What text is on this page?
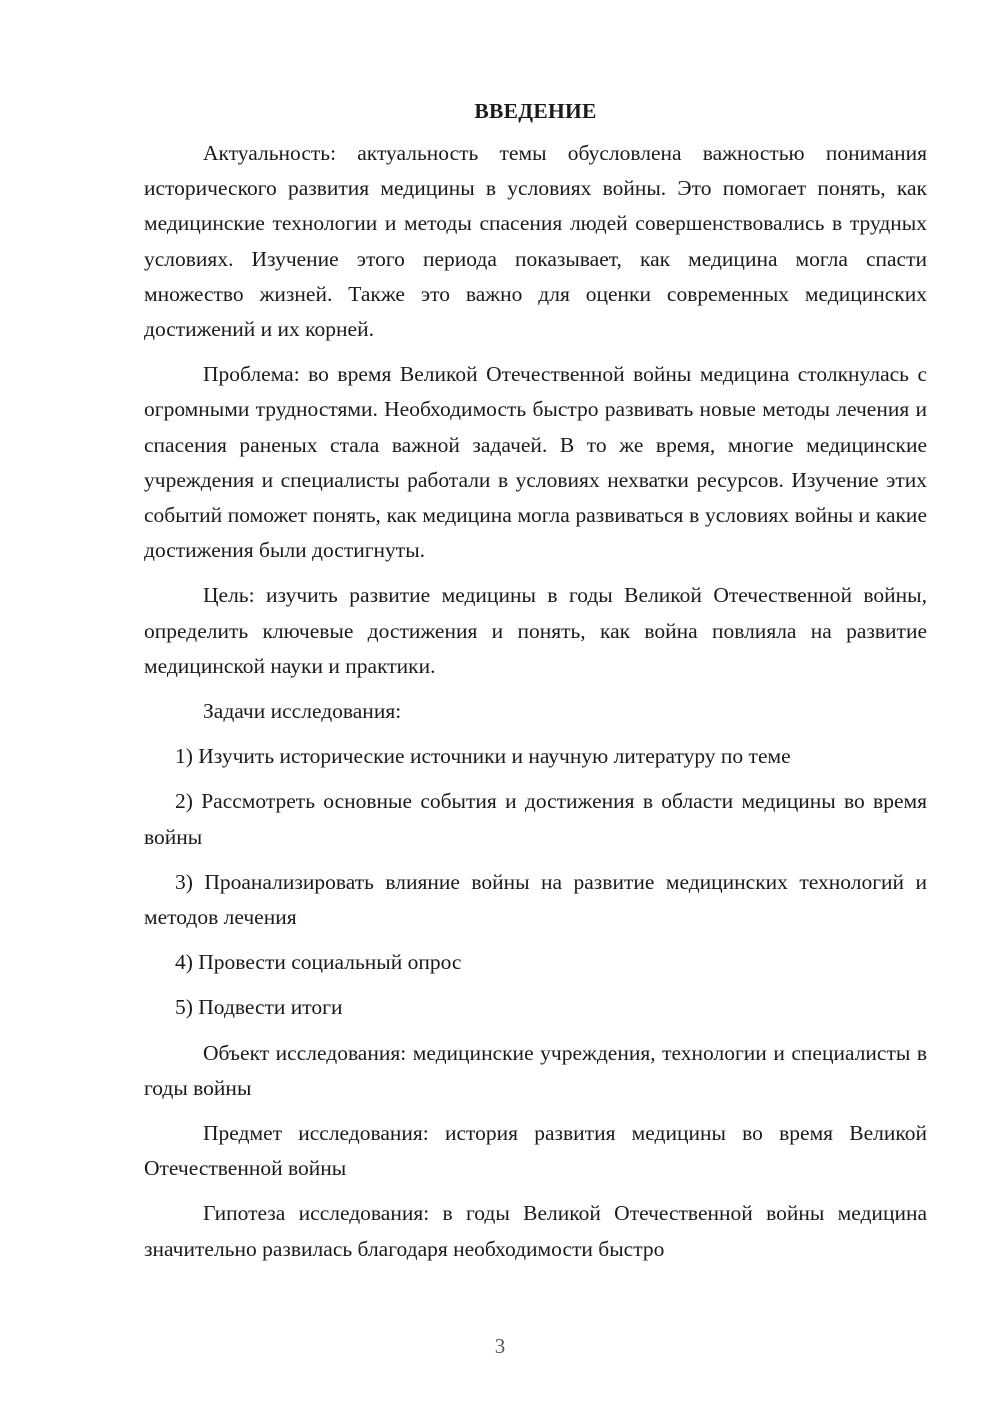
ВВЕДЕНИЕ
Актуальность: актуальность темы обусловлена важностью понимания исторического развития медицины в условиях войны. Это помогает понять, как медицинские технологии и методы спасения людей совершенствовались в трудных условиях. Изучение этого периода показывает, как медицина могла спасти множество жизней. Также это важно для оценки современных медицинских достижений и их корней.
Проблема: во время Великой Отечественной войны медицина столкнулась с огромными трудностями. Необходимость быстро развивать новые методы лечения и спасения раненых стала важной задачей. В то же время, многие медицинские учреждения и специалисты работали в условиях нехватки ресурсов. Изучение этих событий поможет понять, как медицина могла развиваться в условиях войны и какие достижения были достигнуты.
Цель: изучить развитие медицины в годы Великой Отечественной войны, определить ключевые достижения и понять, как война повлияла на развитие медицинской науки и практики.
Задачи исследования:
1) Изучить исторические источники и научную литературу по теме
2) Рассмотреть основные события и достижения в области медицины во время войны
3) Проанализировать влияние войны на развитие медицинских технологий и методов лечения
4) Провести социальный опрос
5) Подвести итоги
Объект исследования: медицинские учреждения, технологии и специалисты в годы войны
Предмет исследования: история развития медицины во время Великой Отечественной войны
Гипотеза исследования: в годы Великой Отечественной войны медицина значительно развилась благодаря необходимости быстро
3
